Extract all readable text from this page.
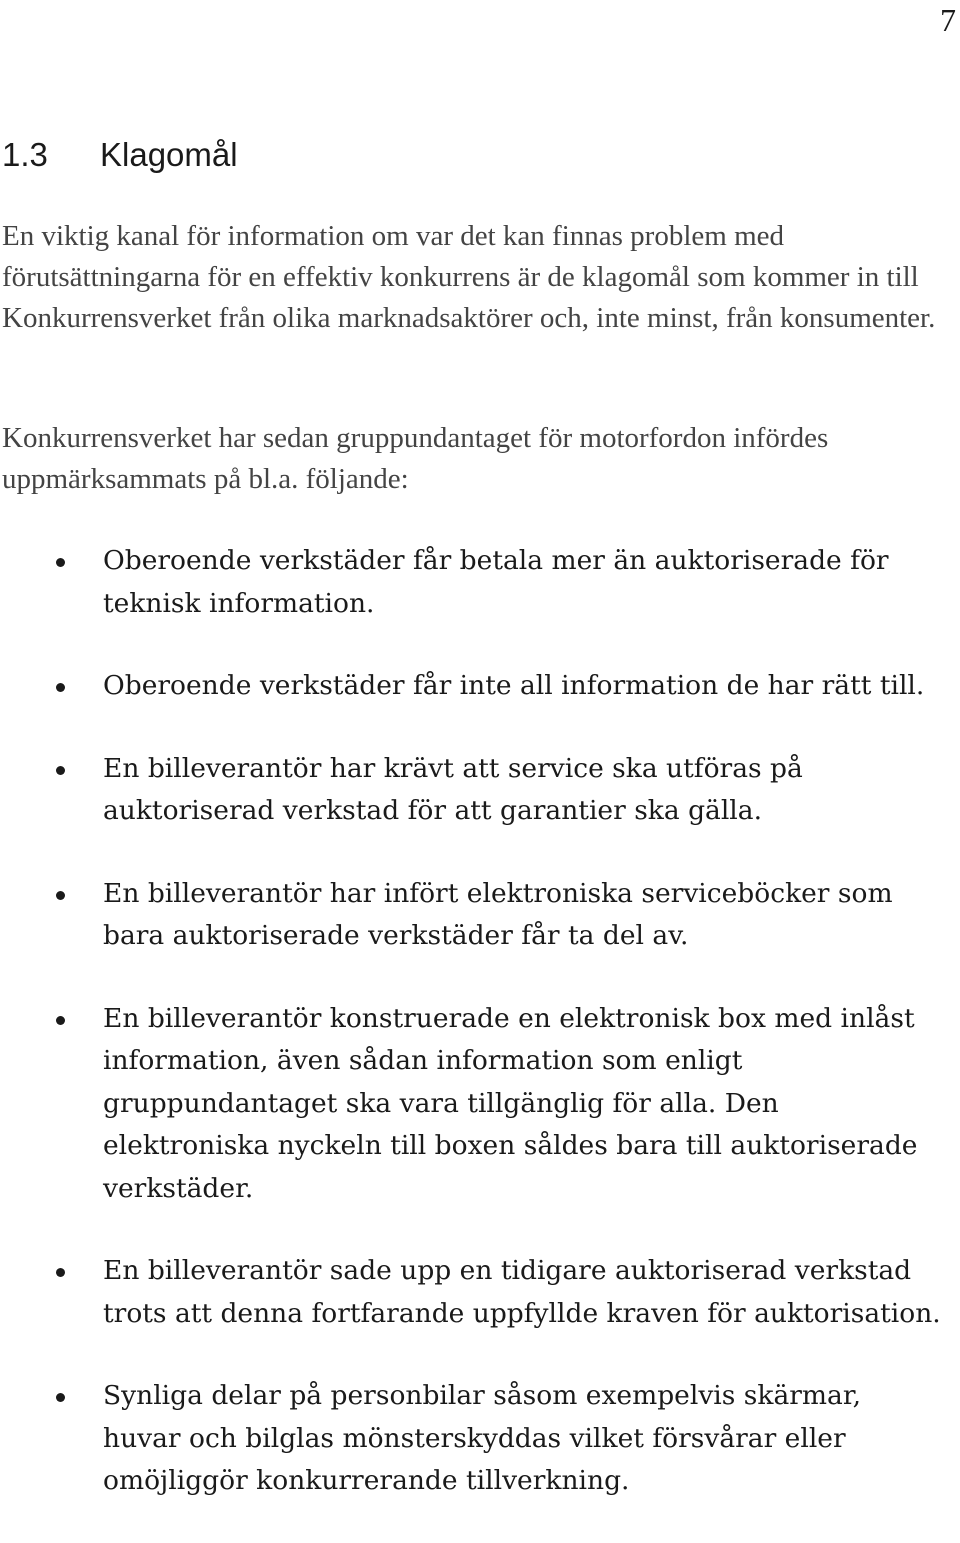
7
1.3 Klagomål

En viktig kanal för information om var det kan finnas problem med förutsättningarna för en effektiv konkurrens är de klagomål som kommer in till Konkurrensverket från olika marknadsaktörer och, inte minst, från konsumenter.

Konkurrensverket har sedan gruppundantaget för motorfordon infördes uppmärksammats på bl.a. följande:

Oberoende verkstäder får betala mer än auktoriserade för teknisk information.
Oberoende verkstäder får inte all information de har rätt till.
En billeverantör har krävt att service ska utföras på auktoriserad verkstad för att garantier ska gälla.
En billeverantör har infört elektroniska serviceböcker som bara auktoriserade verkstäder får ta del av.
En billeverantör konstruerade en elektronisk box med inlåst information, även sådan information som enligt gruppundantaget ska vara tillgänglig för alla. Den elektroniska nyckeln till boxen såldes bara till auktoriserade verkstäder.
En billeverantör sade upp en tidigare auktoriserad verkstad trots att denna fortfarande uppfyllde kraven för auktorisation.
Synliga delar på personbilar såsom exempelvis skärmar, huvar och bilglas mönsterskyddas vilket försvårar eller omöjliggör konkurrerande tillverkning.
